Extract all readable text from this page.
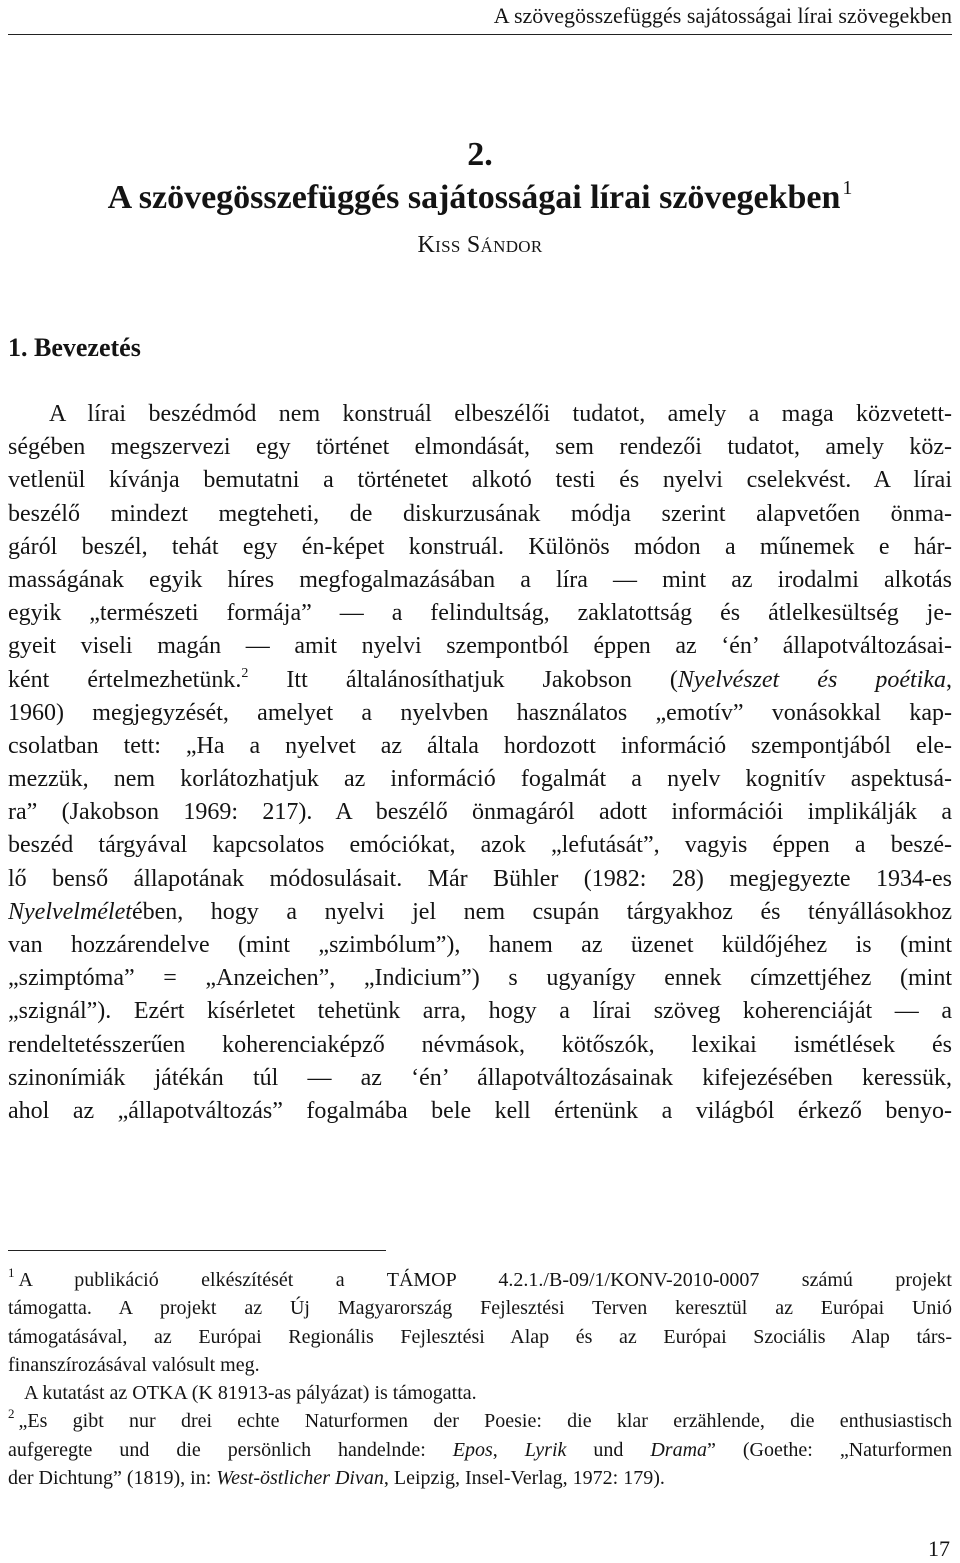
A szövegösszefüggés sajátosságai lírai szövegekben
2.
A szövegösszefüggés sajátosságai lírai szövegekben $^1$
Kiss Sándor
1. Bevezetés
A lírai beszédmód nem konstruál elbeszélői tudatot, amely a maga közvetett-
ségében megszervezi egy történet elmondását, sem rendezői tudatot, amely köz-
vetlenül kívánja bemutatni a történetet alkotó testi és nyelvi cselekvést. A lírai
beszélő mindezt megteheti, de diskurzusának módja szerint alapvetően önma-
gáról beszél, tehát egy én-képet konstruál. Különös módon a műnemek e hár-
masságának egyik híres megfogalmazásában a líra — mint az irodalmi alkotás
egyik „természeti formája” — a felindultság, zaklatottság és átlelkesültség je-
gyeit viseli magán — amit nyelvi szempontból éppen az ‘én’ állapotváltozásai-
ként értelmezhetünk.$^2$ Itt általánosíthatjuk Jakobson (Nyelvészet és poétika,
1960) megjegyzését, amelyet a nyelvben használatos „emotív” vonásokkal kap-
csolatban tett: „Ha a nyelvet az általa hordozott információ szempontjából ele-
mezzük, nem korlátozhatjuk az információ fogalmát a nyelv kognitív aspektusá-
ra” (Jakobson 1969: 217). A beszélő önmagáról adott információi implikálják a
beszéd tárgyával kapcsolatos emóciókat, azok „lefutását”, vagyis éppen a beszé-
lő benső állapotának módosulásait. Már Bühler (1982: 28) megjegyezte 1934-es
Nyelvelméletében, hogy a nyelvi jel nem csupán tárgyakhoz és tényállásokhoz
van hozzárendelve (mint „szimbólum”), hanem az üzenet küldőjéhez is (mint
„szimptóma” = „Anzeichen”, „Indicium”) s ugyanígy ennek címzettjéhez (mint
„szignál”). Ezért kísérletet tehetünk arra, hogy a lírai szöveg koherenciáját — a
rendeltetésszerűen koherenciaképző névmások, kötőszók, lexikai ismétlések és
szinonímiák játékán túl — az ‘én’ állapotváltozásainak kifejezésében keressük,
ahol az „állapotváltozás” fogalmába bele kell értenünk a világból érkező benyo-
$^1$ A publikáció elkészítését a TÁMOP 4.2.1./B-09/1/KONV-2010-0007 számú projekt
támogatta. A projekt az Új Magyarország Fejlesztési Terven keresztül az Európai Unió
támogatásával, az Európai Regionális Fejlesztési Alap és az Európai Szociális Alap társ-
finanszírozásával valósult meg.
A kutatást az OTKA (K 81913-as pályázat) is támogatta.
$^2$ „Es gibt nur drei echte Naturformen der Poesie: die klar erzählende, die enthusiastisch
aufgeregte und die persönlich handelnde: Epos, Lyrik und Drama” (Goethe: „Naturformen
der Dichtung” (1819), in: West-östlicher Divan, Leipzig, Insel-Verlag, 1972: 179).
17
